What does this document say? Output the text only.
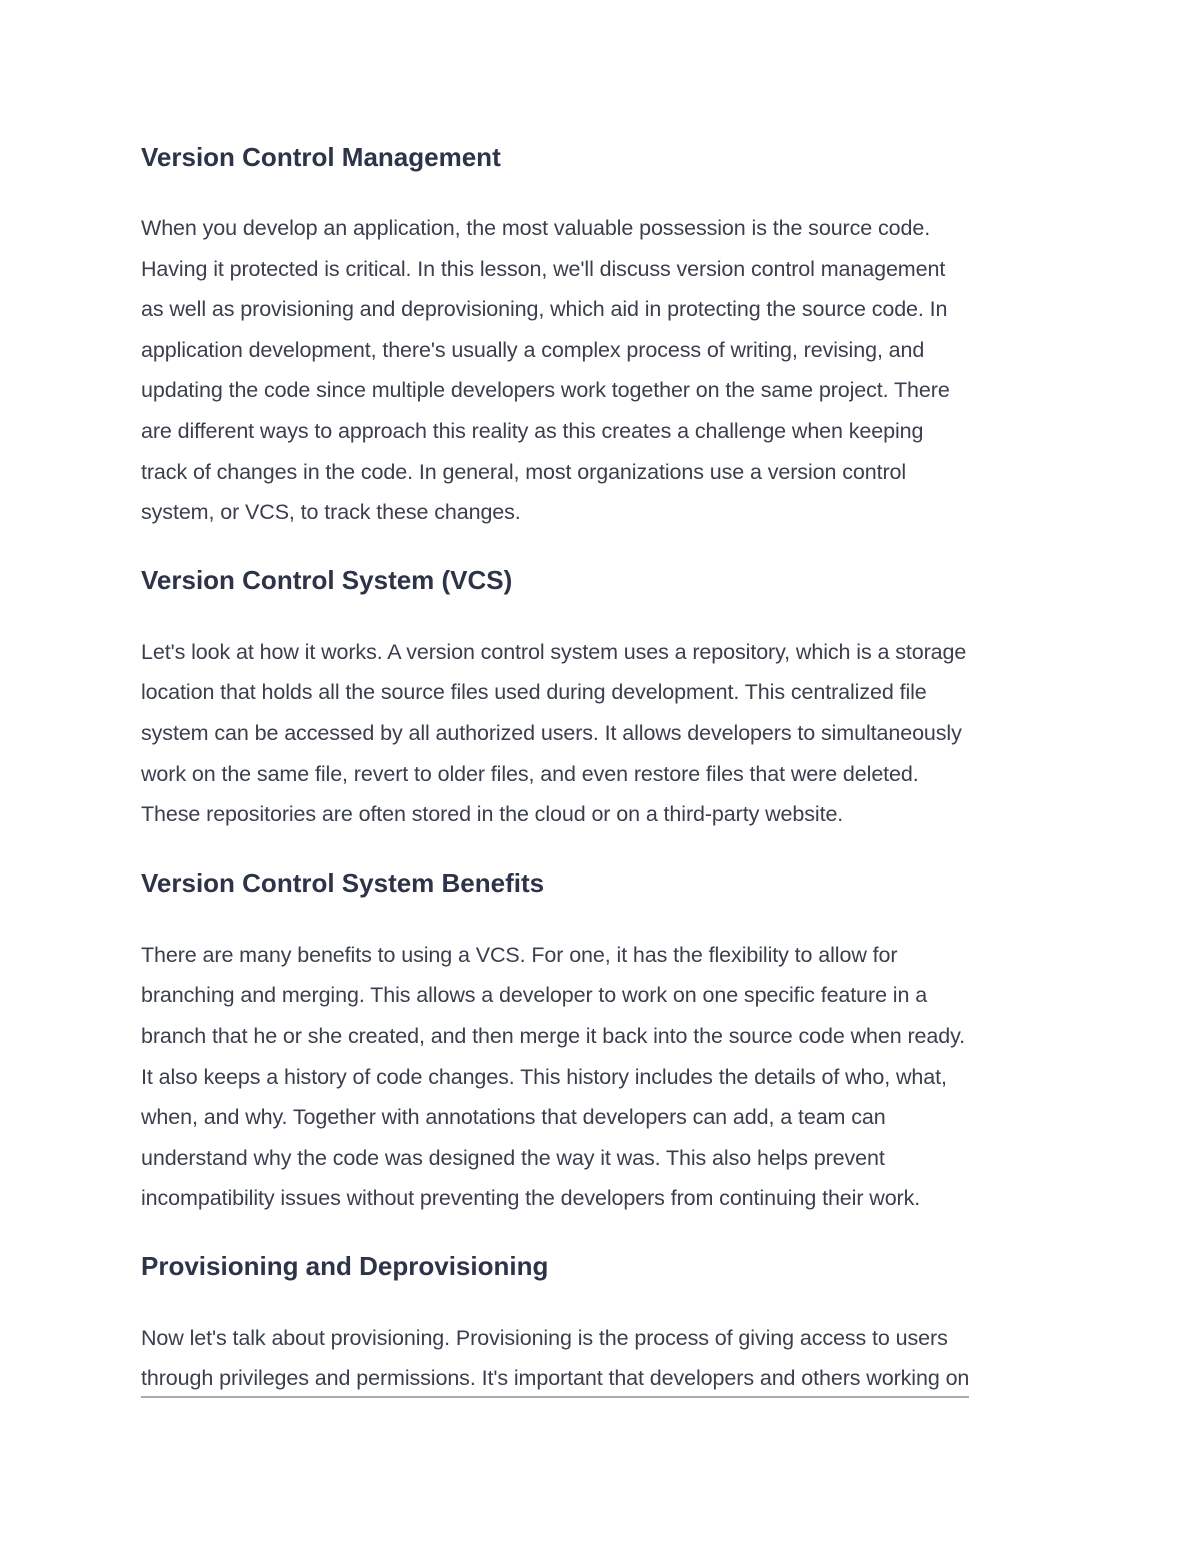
Version Control Management

When you develop an application, the most valuable possession is the source code.
Having it protected is critical. In this lesson, we'll discuss version control management
as well as provisioning and deprovisioning, which aid in protecting the source code. In
application development, there's usually a complex process of writing, revising, and
updating the code since multiple developers work together on the same project. There
are different ways to approach this reality as this creates a challenge when keeping
track of changes in the code. In general, most organizations use a version control
system, or VCS, to track these changes.

Version Control System (VCS)

Let's look at how it works. A version control system uses a repository, which is a storage
location that holds all the source files used during development. This centralized file
system can be accessed by all authorized users. It allows developers to simultaneously
work on the same file, revert to older files, and even restore files that were deleted.
These repositories are often stored in the cloud or on a third-party website.

Version Control System Benefits

There are many benefits to using a VCS. For one, it has the flexibility to allow for
branching and merging. This allows a developer to work on one specific feature in a
branch that he or she created, and then merge it back into the source code when ready.
It also keeps a history of code changes. This history includes the details of who, what,
when, and why. Together with annotations that developers can add, a team can
understand why the code was designed the way it was. This also helps prevent
incompatibility issues without preventing the developers from continuing their work.

Provisioning and Deprovisioning

Now let's talk about provisioning. Provisioning is the process of giving access to users
through privileges and permissions. It's important that developers and others working on
